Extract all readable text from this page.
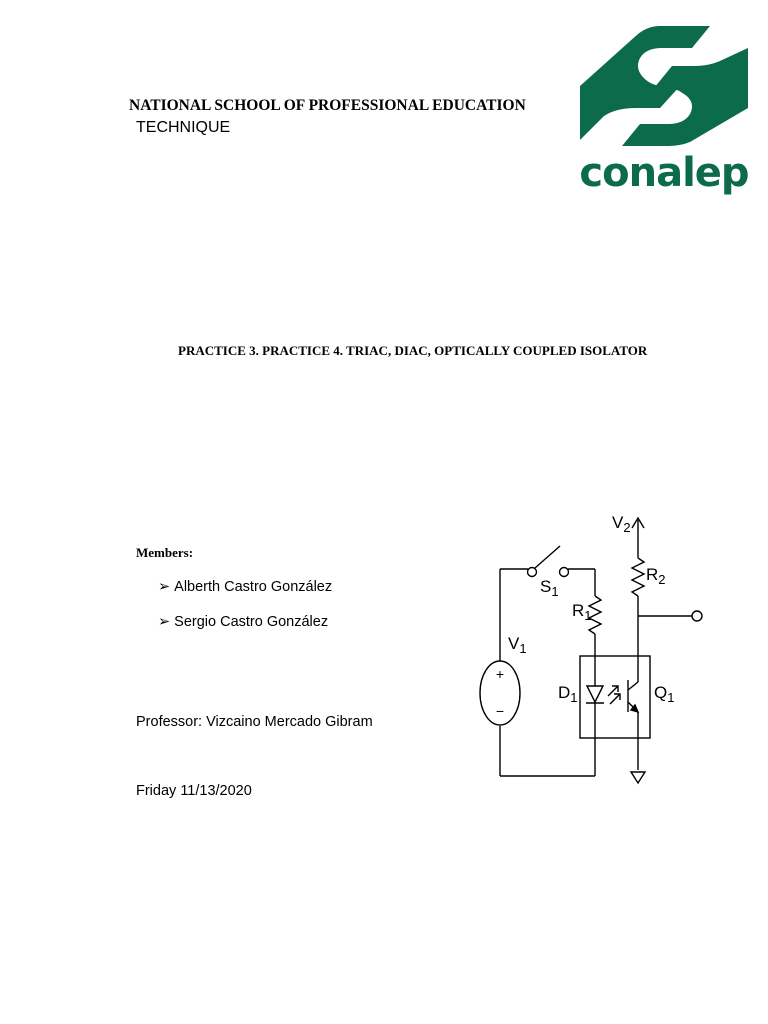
NATIONAL SCHOOL OF PROFESSIONAL EDUCATION
TECHNIQUE
conalep
PRACTICE 3. PRACTICE 4. TRIAC, DIAC, OPTICALLY COUPLED ISOLATOR
Members:
➢ Alberth Castro González
➢ Sergio Castro González
Professor: Vizcaino Mercado Gibram
Friday 11/13/2020
$V_2$
$R_2$
$S_1$
$R_1$
$V_1$
$D_1$	$Q_1$
+
−
